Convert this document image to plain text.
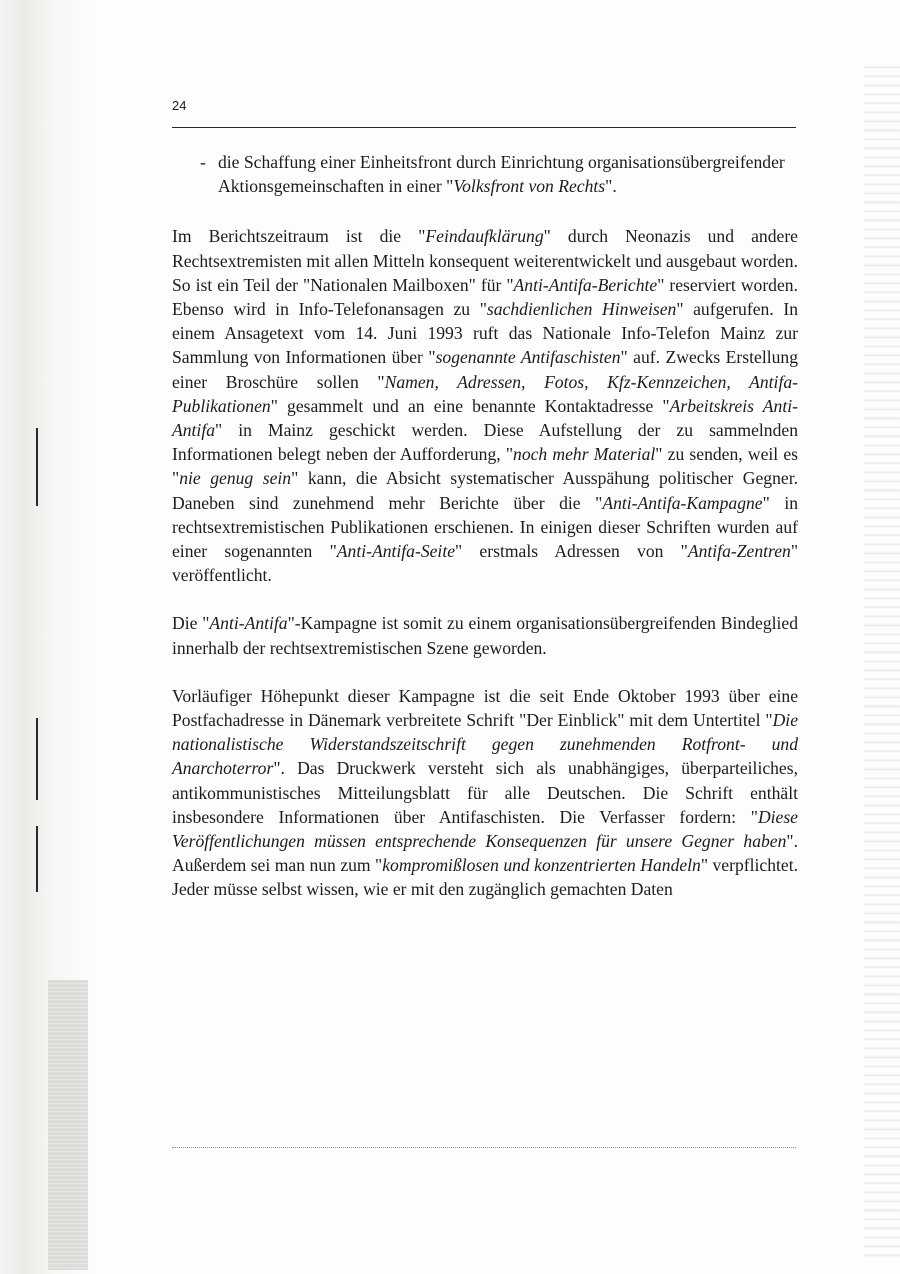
24
- die Schaffung einer Einheitsfront durch Einrichtung organisationsübergreifender Aktionsgemeinschaften in einer "Volksfront von Rechts".

Im Berichtszeitraum ist die "Feindaufklärung" durch Neonazis und andere Rechtsextremisten mit allen Mitteln konsequent weiterentwickelt und ausgebaut worden. So ist ein Teil der "Nationalen Mailboxen" für "Anti-Antifa-Berichte" reserviert worden. Ebenso wird in Info-Telefonansagen zu "sachdienlichen Hinweisen" aufgerufen. In einem Ansagetext vom 14. Juni 1993 ruft das Nationale Info-Telefon Mainz zur Sammlung von Informationen über "sogenannte Antifaschisten" auf. Zwecks Erstellung einer Broschüre sollen "Namen, Adressen, Fotos, Kfz-Kennzeichen, Antifa-Publikationen" gesammelt und an eine benannte Kontaktadresse "Arbeitskreis Anti-Antifa" in Mainz geschickt werden. Diese Aufstellung der zu sammelnden Informationen belegt neben der Aufforderung, "noch mehr Material" zu senden, weil es "nie genug sein" kann, die Absicht systematischer Ausspähung politischer Gegner. Daneben sind zunehmend mehr Berichte über die "Anti-Antifa-Kampagne" in rechtsextremistischen Publikationen erschienen. In einigen dieser Schriften wurden auf einer sogenannten "Anti-Antifa-Seite" erstmals Adressen von "Antifa-Zentren" veröffentlicht.

Die "Anti-Antifa"-Kampagne ist somit zu einem organisationsübergreifenden Bindeglied innerhalb der rechtsextremistischen Szene geworden.

Vorläufiger Höhepunkt dieser Kampagne ist die seit Ende Oktober 1993 über eine Postfachadresse in Dänemark verbreitete Schrift "Der Einblick" mit dem Untertitel "Die nationalistische Widerstandszeitschrift gegen zunehmenden Rotfront- und Anarchoterror". Das Druckwerk versteht sich als unabhängiges, überparteiliches, antikommunistisches Mitteilungsblatt für alle Deutschen. Die Schrift enthält insbesondere Informationen über Antifaschisten. Die Verfasser fordern: "Diese Veröffentlichungen müssen entsprechende Konsequenzen für unsere Gegner haben". Außerdem sei man nun zum "kompromißlosen und konzentrierten Handeln" verpflichtet. Jeder müsse selbst wissen, wie er mit den zugänglich gemachten Daten
